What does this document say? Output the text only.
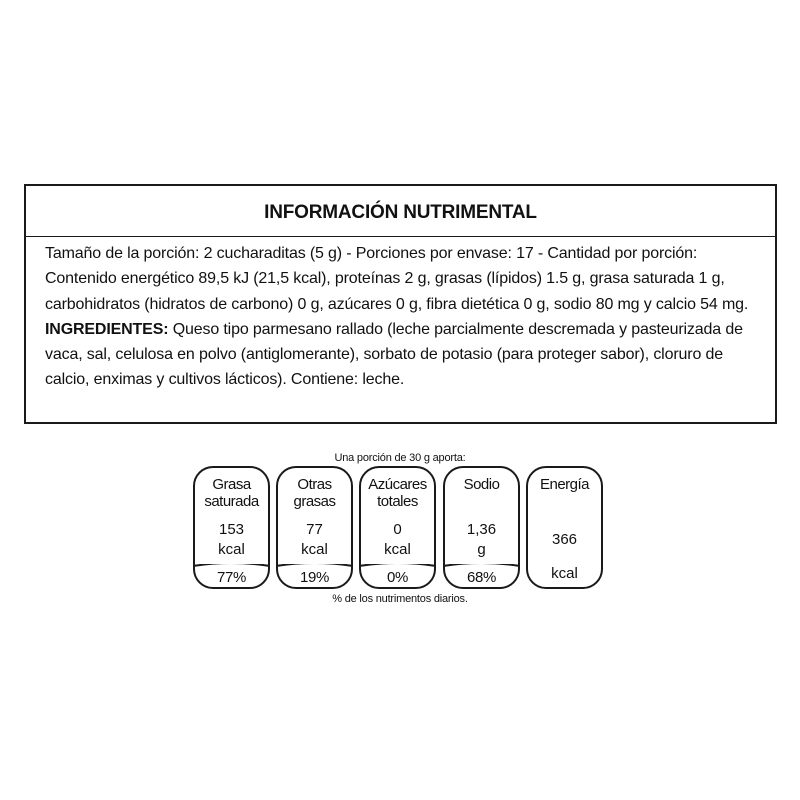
INFORMACIÓN NUTRIMENTAL

Tamaño de la porción: 2 cucharaditas (5 g) - Porciones por envase: 17 - Cantidad por porción: Contenido energético 89,5 kJ (21,5 kcal), proteínas 2 g, grasas (lípidos) 1.5 g, grasa saturada 1 g, carbohidratos (hidratos de carbono) 0 g, azúcares 0 g, fibra dietética 0 g, sodio 80 mg y calcio 54 mg.

INGREDIENTES: Queso tipo parmesano rallado (leche parcialmente descremada y pasteurizada de vaca, sal, celulosa en polvo (antiglomerante), sorbato de potasio (para proteger sabor), cloruro de calcio, enximas y cultivos lácticos). Contiene: leche.

Una porción de 30 g aporta:

Grasa
saturada

153
kcal

77%

Otras
grasas

77
kcal

19%

Azúcares
totales

0
kcal

0%

Sodio

1,36
g

68%

Energía

366
kcal
% de los nutrimentos diarios.
